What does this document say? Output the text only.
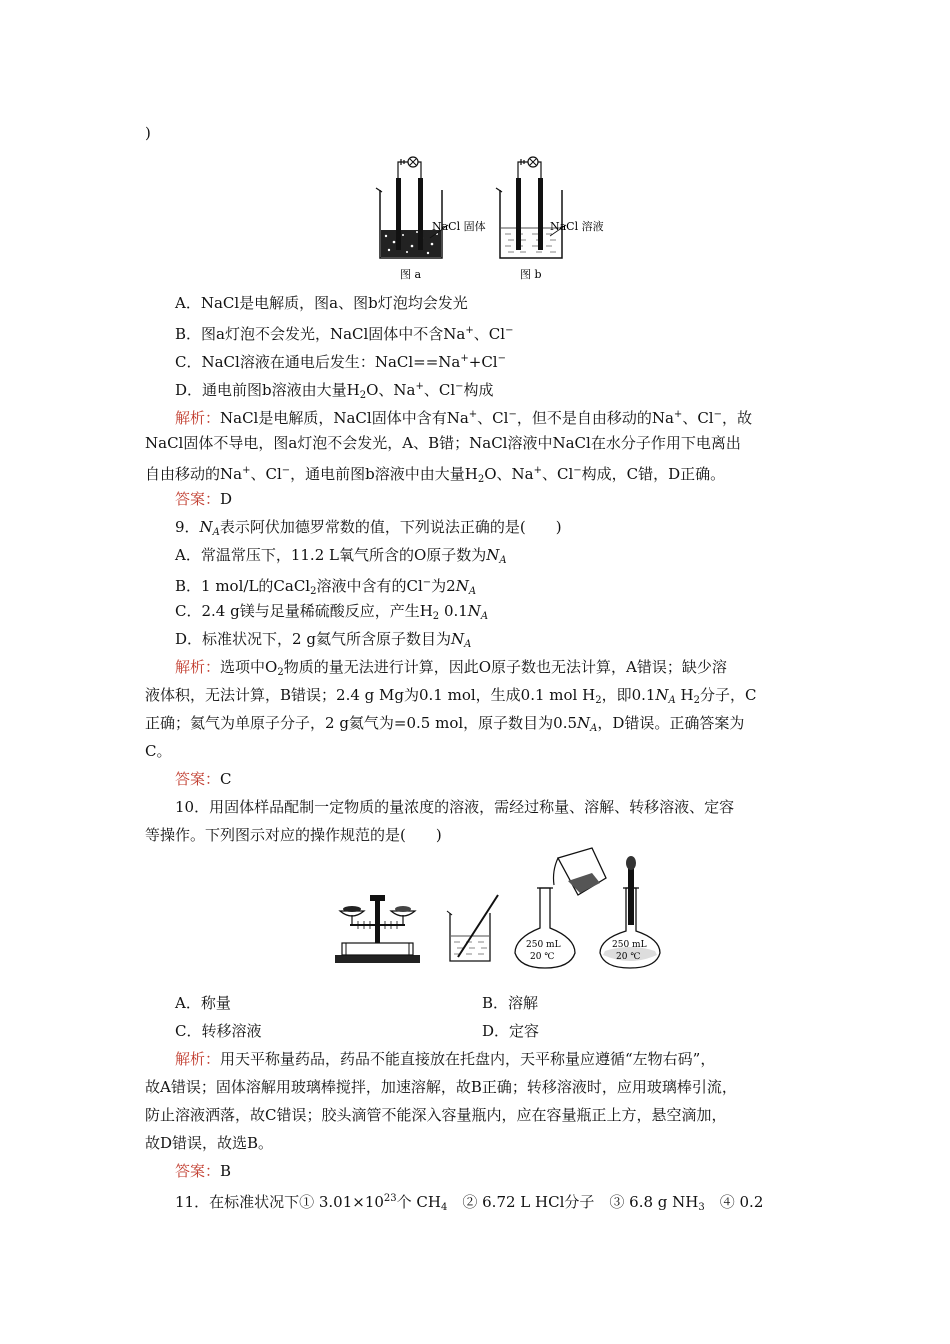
)
NaCl 固体
图 a
NaCl 溶液
图 b
A．NaCl是电解质，图a、图b灯泡均会发光
B．图a灯泡不会发光，NaCl固体中不含Na+、Cl−
C．NaCl溶液在通电后发生：NaCl==Na++Cl−
D．通电前图b溶液由大量$H_2O$、Na+、Cl−构成
解析：NaCl是电解质，NaCl固体中含有Na+、Cl−，但不是自由移动的Na+、Cl−，故
NaCl固体不导电，图a灯泡不会发光，A、B错；NaCl溶液中NaCl在水分子作用下电离出
自由移动的Na+、Cl−，通电前图b溶液中由大量$H_2O$、Na+、Cl−构成，C错，D正确。
答案：D
9．$N_A$表示阿伏加德罗常数的值，下列说法正确的是(　　)
A．常温常压下，11.2 L氧气所含的O原子数为$N_A$
B．1 mol/L的CaCl$_2$溶液中含有的Cl−为$2N_A$
C．2.4 g镁与足量稀硫酸反应，产生$H_2$ $0.1N_A$
D．标准状况下，2 g氦气所含原子数目为$N_A$
解析：选项中$O_2$物质的量无法进行计算，因此O原子数也无法计算，A错误；缺少溶
液体积，无法计算，B错误；2.4 g Mg为0.1 mol，生成0.1 mol $H_2$，即$0.1N_A$ $H_2$分子，C
正确；氦气为单原子分子，2 g氦气为=0.5 mol，原子数目为$0.5N_A$，D错误。正确答案为
C。
答案：C
10．用固体样品配制一定物质的量浓度的溶液，需经过称量、溶解、转移溶液、定容
等操作。下列图示对应的操作规范的是(　　)
250 mL
20 ℃
250 mL
20 ℃
A．称量	B．溶解
C．转移溶液	D．定容
解析：用天平称量药品，药品不能直接放在托盘内，天平称量应遵循“左物右码”，
故A错误；固体溶解用玻璃棒搅拌，加速溶解，故B正确；转移溶液时，应用玻璃棒引流，
防止溶液洒落，故C错误；胶头滴管不能深入容量瓶内，应在容量瓶正上方，悬空滴加，
故D错误，故选B。
答案：B
11．在标准状况下① $3.01\times 10^{23}$个 $CH_4$　② 6.72 L HCl分子　③ 6.8 g $NH_3$　④ 0.2
